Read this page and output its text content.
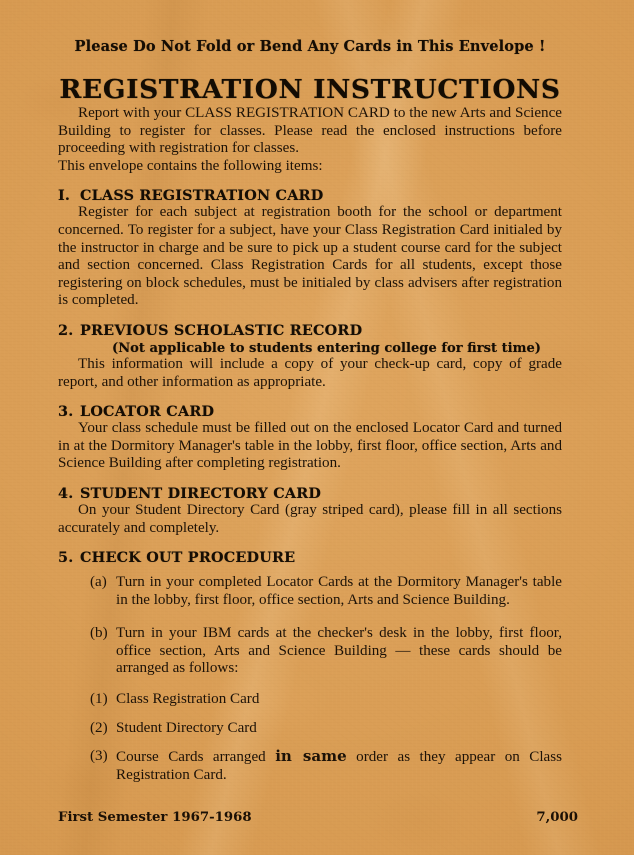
Please Do Not Fold or Bend Any Cards in This Envelope !
REGISTRATION INSTRUCTIONS

Report with your CLASS REGISTRATION CARD to the new Arts and Science Building to register for classes. Please read the enclosed instructions before proceeding with registration for classes.

This envelope contains the following items:

I. CLASS REGISTRATION CARD

Register for each subject at registration booth for the school or department concerned. To register for a subject, have your Class Registration Card initialed by the instructor in charge and be sure to pick up a student course card for the subject and section concerned. Class Registration Cards for all students, except those registering on block schedules, must be initialed by class advisers after registration is completed.

2. PREVIOUS SCHOLASTIC RECORD
(Not applicable to students entering college for first time)

This information will include a copy of your check-up card, copy of grade report, and other information as appropriate.

3. LOCATOR CARD

Your class schedule must be filled out on the enclosed Locator Card and turned in at the Dormitory Manager's table in the lobby, first floor, office section, Arts and Science Building after completing registration.

4. STUDENT DIRECTORY CARD

On your Student Directory Card (gray striped card), please fill in all sections accurately and completely.

5. CHECK OUT PROCEDURE
(a) Turn in your completed Locator Cards at the Dormitory Manager's table in the lobby, first floor, office section, Arts and Science Building.
(b) Turn in your IBM cards at the checker's desk in the lobby, first floor, office section, Arts and Science Building — these cards should be arranged as follows:
(1) Class Registration Card
(2) Student Directory Card
(3) Course Cards arranged in same order as they appear on Class Registration Card.
First Semester 1967-1968	7,000
